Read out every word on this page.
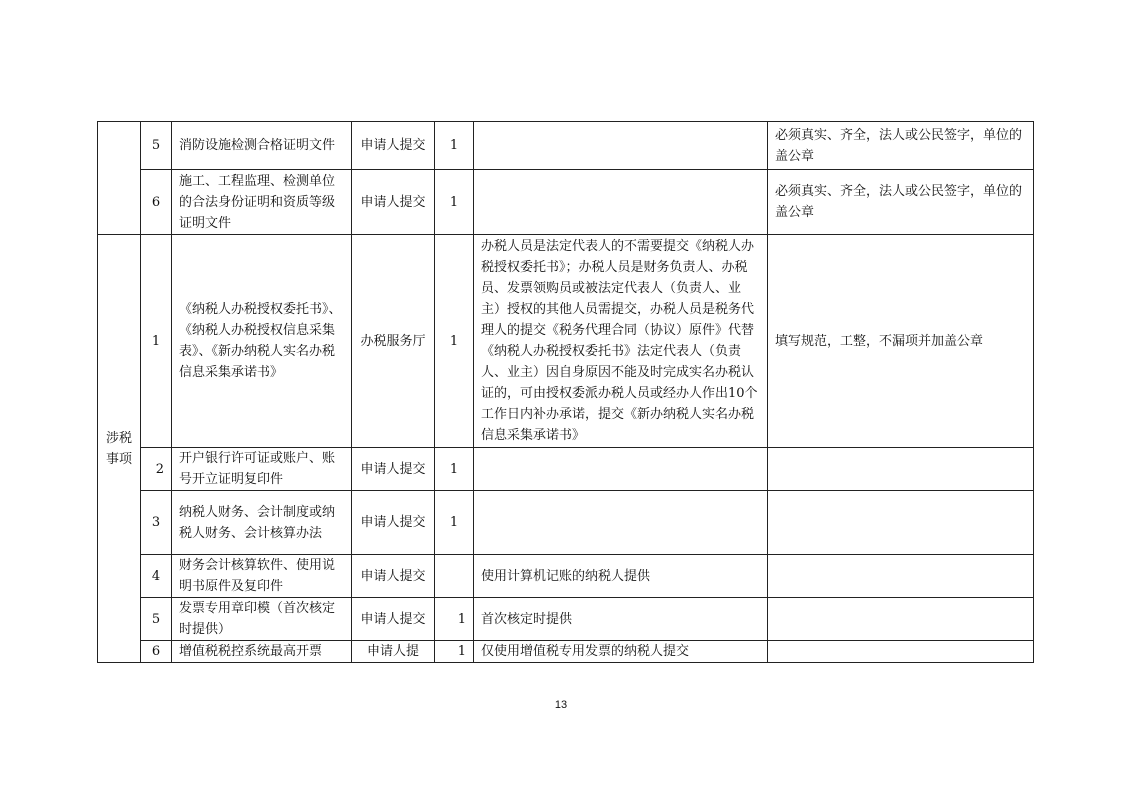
	5	消防设施检测合格证明文件	申请人提交	1		必须真实、齐全，法人或公民签字，单位的盖公章
	6	施工、工程监理、检测单位的合法身份证明和资质等级证明文件	申请人提交	1		必须真实、齐全，法人或公民签字，单位的盖公章
涉税事项	1	《纳税人办税授权委托书》、《纳税人办税授权信息采集表》、《新办纳税人实名办税信息采集承诺书》	办税服务厅	1	办税人员是法定代表人的不需要提交《纳税人办税授权委托书》；办税人员是财务负责人、办税员、发票领购员或被法定代表人（负责人、业主）授权的其他人员需提交，办税人员是税务代理人的提交《税务代理合同（协议）原件》代替《纳税人办税授权委托书》法定代表人（负责人、业主）因自身原因不能及时完成实名办税认证的，可由授权委派办税人员或经办人作出10个工作日内补办承诺，提交《新办纳税人实名办税信息采集承诺书》	填写规范，工整，不漏项并加盖公章
	2	开户银行许可证或账户、账号开立证明复印件	申请人提交	1		
	3	纳税人财务、会计制度或纳税人财务、会计核算办法	申请人提交	1		
	4	财务会计核算软件、使用说明书原件及复印件	申请人提交		使用计算机记账的纳税人提供	
	5	发票专用章印模（首次核定时提供）	申请人提交	1	首次核定时提供	
	6	增值税税控系统最高开票	申请人提	1	仅使用增值税专用发票的纳税人提交	
13
